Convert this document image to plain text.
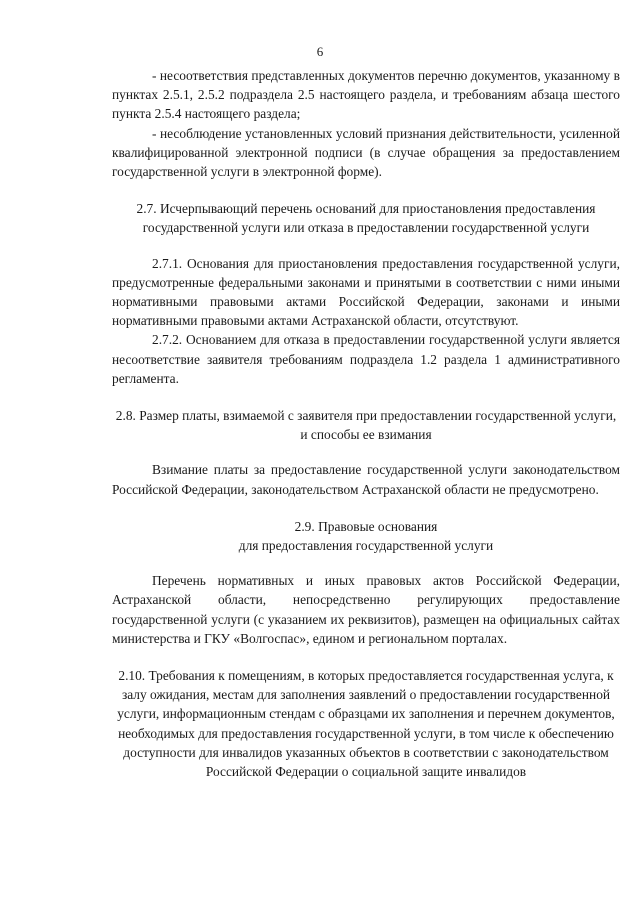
6

- несоответствия представленных документов перечню документов, указанному в пунктах 2.5.1, 2.5.2 подраздела 2.5 настоящего раздела, и требованиям абзаца шестого пункта 2.5.4 настоящего раздела;

- несоблюдение установленных условий признания действительности, усиленной квалифицированной электронной подписи (в случае обращения за предоставлением государственной услуги в электронной форме).

2.7. Исчерпывающий перечень оснований для приостановления предоставления государственной услуги или отказа в предоставлении государственной услуги

2.7.1. Основания для приостановления предоставления государственной услуги, предусмотренные федеральными законами и принятыми в соответствии с ними иными нормативными правовыми актами Российской Федерации, законами и иными нормативными правовыми актами Астраханской области, отсутствуют.

2.7.2. Основанием для отказа в предоставлении государственной услуги является несоответствие заявителя требованиям подраздела 1.2 раздела 1 административного регламента.

2.8. Размер платы, взимаемой с заявителя при предоставлении государственной услуги, и способы ее взимания

Взимание платы за предоставление государственной услуги законодательством Российской Федерации, законодательством Астраханской области не предусмотрено.

2.9. Правовые основания

для предоставления государственной услуги

Перечень нормативных и иных правовых актов Российской Федерации, Астраханской области, непосредственно регулирующих предоставление государственной услуги (с указанием их реквизитов), размещен на официальных сайтах министерства и ГКУ «Волгоспас», едином и региональном порталах.

2.10. Требования к помещениям, в которых предоставляется государственная услуга, к залу ожидания, местам для заполнения заявлений о предоставлении государственной услуги, информационным стендам с образцами их заполнения и перечнем документов, необходимых для предоставления государственной услуги, в том числе к обеспечению доступности для инвалидов указанных объектов в соответствии с законодательством Российской Федерации о социальной защите инвалидов
